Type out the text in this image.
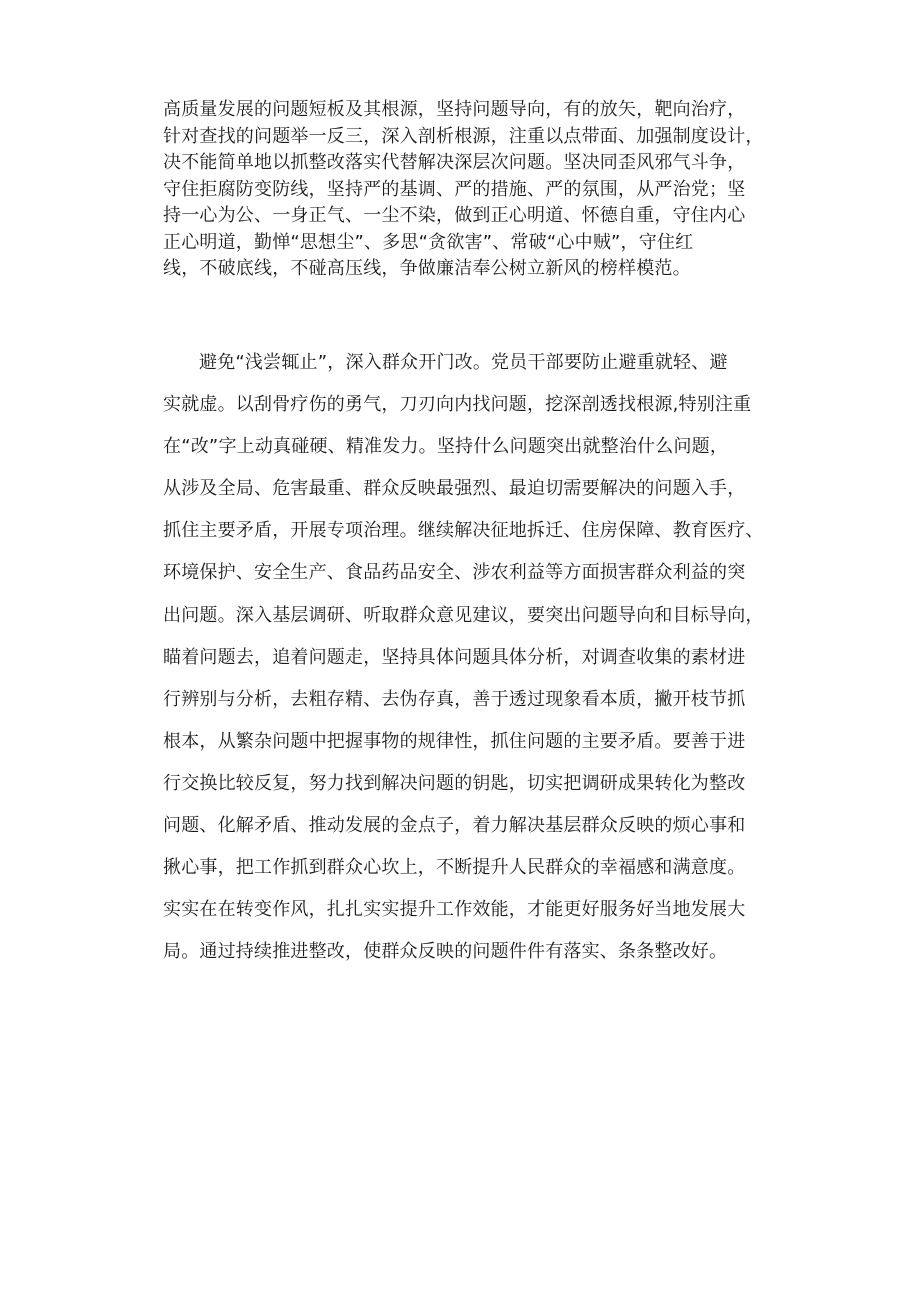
高质量发展的问题短板及其根源，坚持问题导向，有的放矢，靶向治疗，
针对查找的问题举一反三，深入剖析根源，注重以点带面、加强制度设计，
决不能简单地以抓整改落实代替解决深层次问题。坚决同歪风邪气斗争，
守住拒腐防变防线，坚持严的基调、严的措施、严的氛围，从严治党；坚
持一心为公、一身正气、一尘不染，做到正心明道、怀德自重，守住内心
正心明道，勤惮“思想尘”、多思“贪欲害”、常破“心中贼”，守住红
线，不破底线，不碰高压线，争做廉洁奉公树立新风的榜样模范。
避免“浅尝辄止”，深入群众开门改。党员干部要防止避重就轻、避
实就虚。以刮骨疗伤的勇气，刀刃向内找问题，挖深剖透找根源,特别注重
在“改”字上动真碰硬、精准发力。坚持什么问题突出就整治什么问题，
从涉及全局、危害最重、群众反映最强烈、最迫切需要解决的问题入手，
抓住主要矛盾，开展专项治理。继续解决征地拆迁、住房保障、教育医疗、
环境保护、安全生产、食品药品安全、涉农利益等方面损害群众利益的突
出问题。深入基层调研、听取群众意见建议，要突出问题导向和目标导向，
瞄着问题去，追着问题走，坚持具体问题具体分析，对调查收集的素材进
行辨别与分析，去粗存精、去伪存真，善于透过现象看本质，撇开枝节抓
根本，从繁杂问题中把握事物的规律性，抓住问题的主要矛盾。要善于进
行交换比较反复，努力找到解决问题的钥匙，切实把调研成果转化为整改
问题、化解矛盾、推动发展的金点子，着力解决基层群众反映的烦心事和
揪心事，把工作抓到群众心坎上，不断提升人民群众的幸福感和满意度。
实实在在转变作风，扎扎实实提升工作效能，才能更好服务好当地发展大
局。通过持续推进整改，使群众反映的问题件件有落实、条条整改好。
